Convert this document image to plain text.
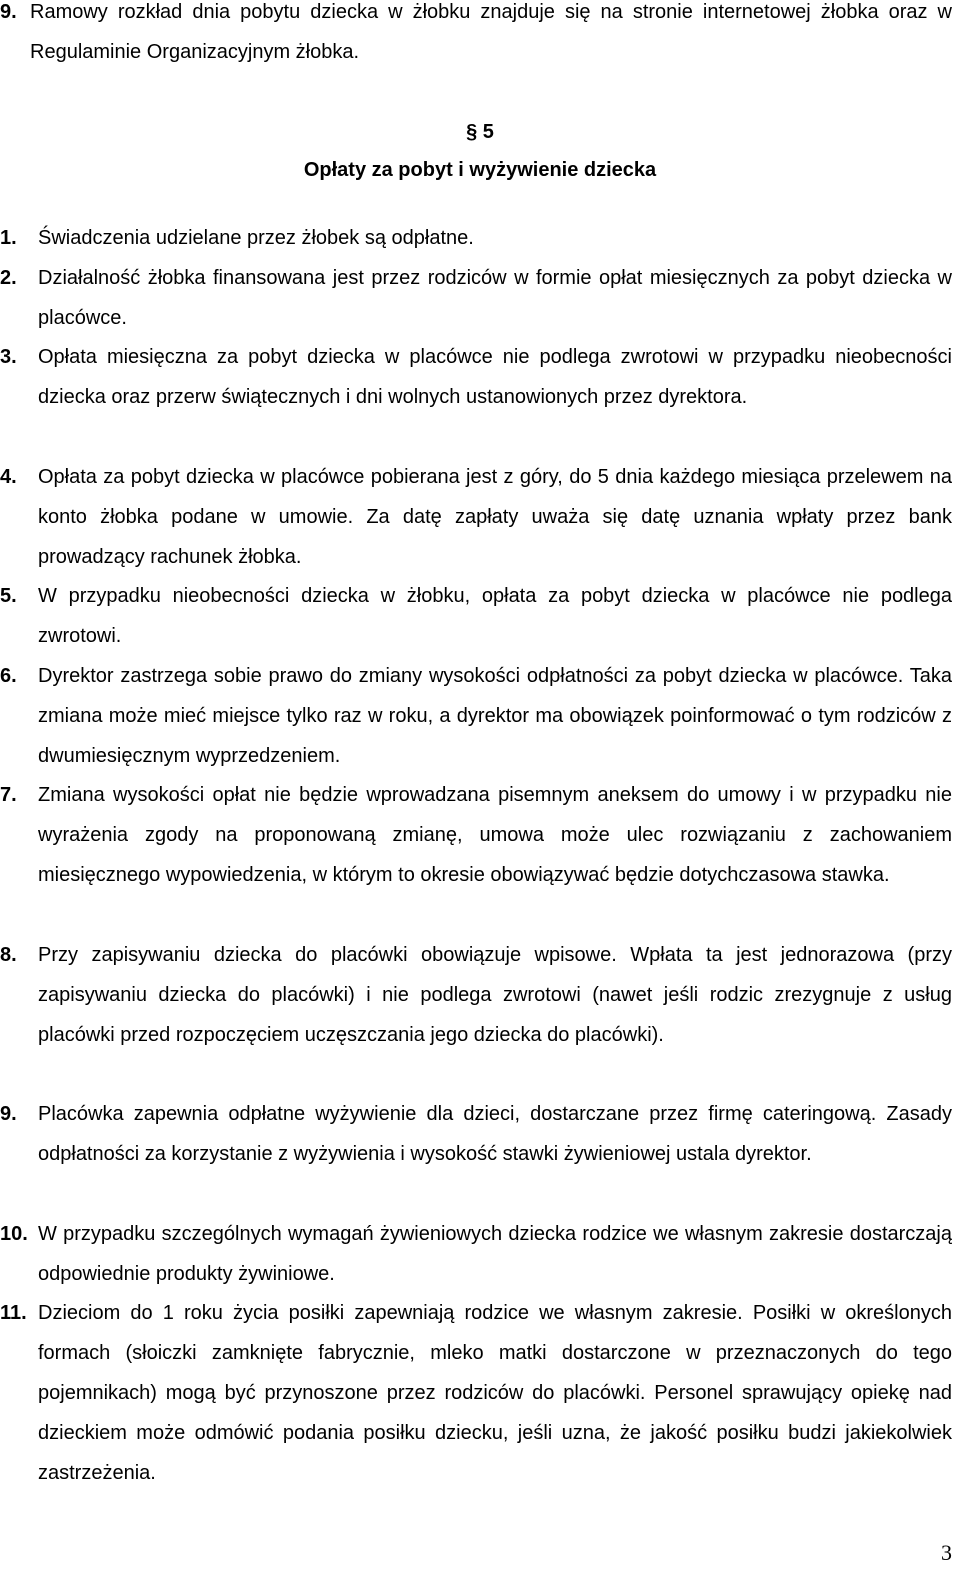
9. Ramowy rozkład dnia pobytu dziecka w żłobku znajduje się na stronie internetowej żłobka oraz w Regulaminie Organizacyjnym żłobka.
§ 5
Opłaty za pobyt i wyżywienie dziecka
1. Świadczenia udzielane przez żłobek są odpłatne.
2. Działalność żłobka finansowana jest przez rodziców w formie opłat miesięcznych za pobyt dziecka w placówce.
3. Opłata miesięczna za pobyt dziecka w placówce nie podlega zwrotowi w przypadku nieobecności dziecka oraz przerw świątecznych i dni wolnych ustanowionych przez dyrektora.
4. Opłata za pobyt dziecka w placówce pobierana jest z góry, do 5 dnia każdego miesiąca przelewem na konto żłobka podane w umowie. Za datę zapłaty uważa się datę uznania wpłaty przez bank prowadzący rachunek żłobka.
5. W przypadku nieobecności dziecka w żłobku, opłata za pobyt dziecka w placówce nie podlega zwrotowi.
6. Dyrektor zastrzega sobie prawo do zmiany wysokości odpłatności za pobyt dziecka w placówce. Taka zmiana może mieć miejsce tylko raz w roku, a dyrektor ma obowiązek poinformować o tym rodziców z dwumiesięcznym wyprzedzeniem.
7. Zmiana wysokości opłat nie będzie wprowadzana pisemnym aneksem do umowy i w przypadku nie wyrażenia zgody na proponowaną zmianę, umowa może ulec rozwiązaniu z zachowaniem miesięcznego wypowiedzenia, w którym to okresie obowiązywać będzie dotychczasowa stawka.
8. Przy zapisywaniu dziecka do placówki obowiązuje wpisowe. Wpłata ta jest jednorazowa (przy zapisywaniu dziecka do placówki) i nie podlega zwrotowi (nawet jeśli rodzic zrezygnuje z usług placówki przed rozpoczęciem uczęszczania jego dziecka do placówki).
9. Placówka zapewnia odpłatne wyżywienie dla dzieci, dostarczane przez firmę cateringową. Zasady odpłatności za korzystanie z wyżywienia i wysokość stawki żywieniowej ustala dyrektor.
10. W przypadku szczególnych wymagań żywieniowych dziecka rodzice we własnym zakresie dostarczają odpowiednie produkty żywiniowe.
11. Dzieciom do 1 roku życia posiłki zapewniają rodzice we własnym zakresie. Posiłki w określonych formach (słoiczki zamknięte fabrycznie, mleko matki dostarczone w przeznaczonych do tego pojemnikach) mogą być przynoszone przez rodziców do placówki. Personel sprawujący opiekę nad dzieckiem może odmówić podania posiłku dziecku, jeśli uzna, że jakość posiłku budzi jakiekolwiek zastrzeżenia.
3
